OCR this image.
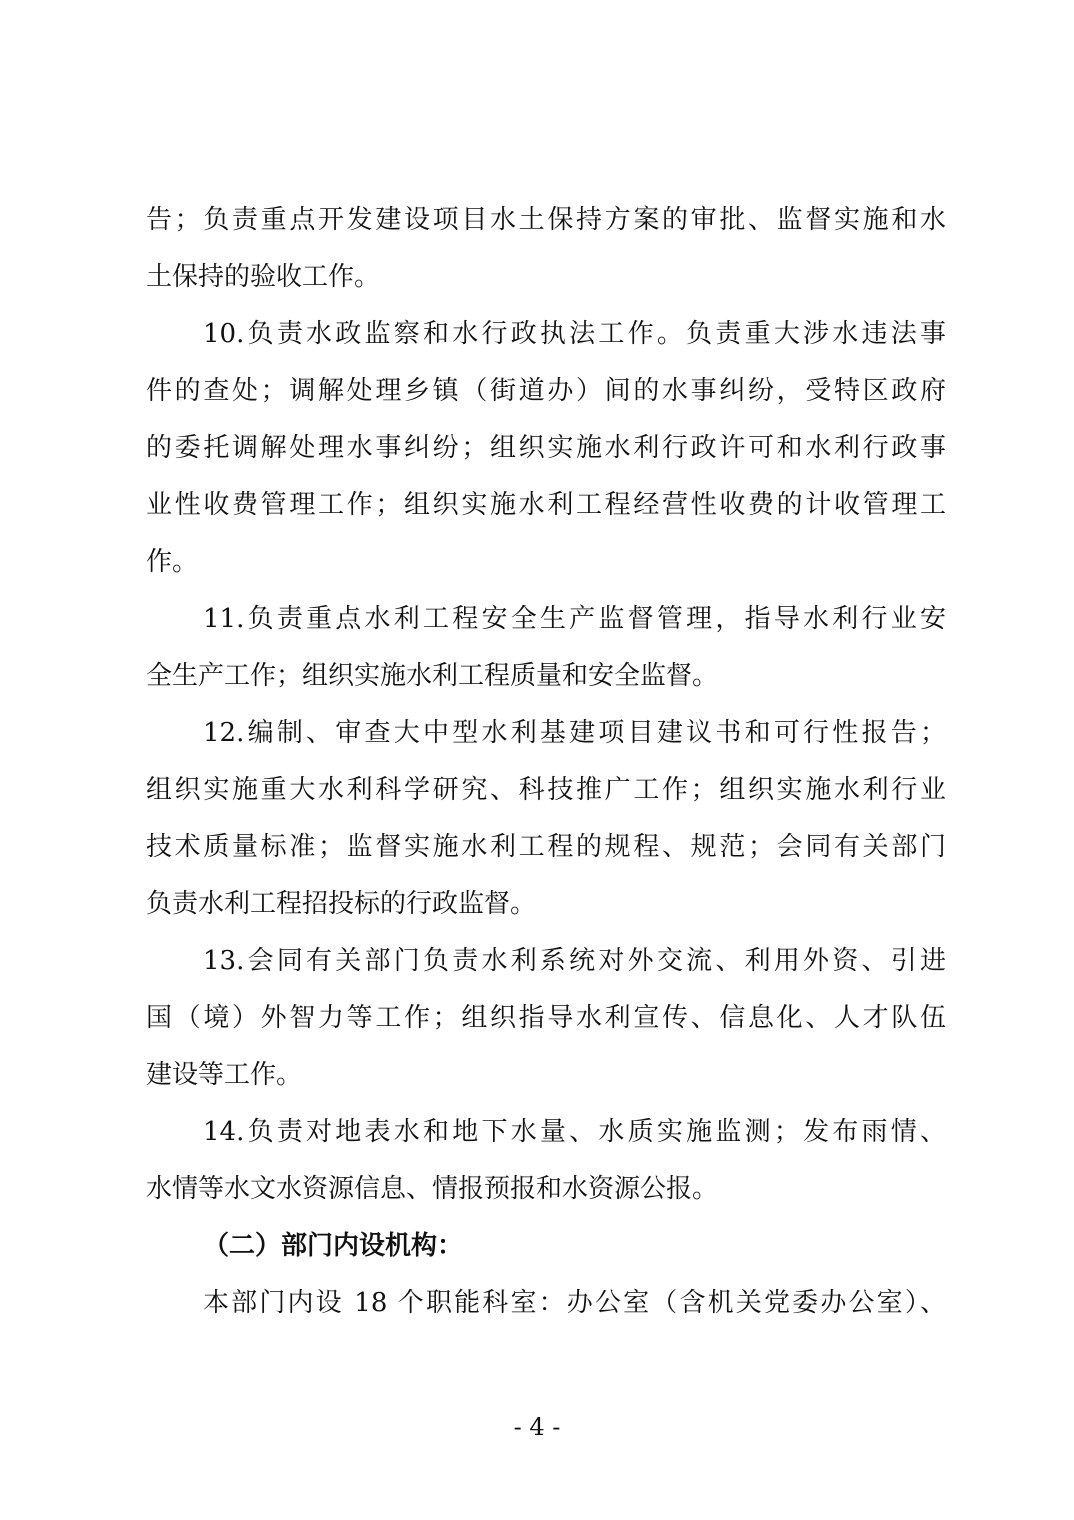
告；负责重点开发建设项目水土保持方案的审批、监督实施和水
土保持的验收工作。
10.负责水政监察和水行政执法工作。负责重大涉水违法事
件的查处；调解处理乡镇（街道办）间的水事纠纷，受特区政府
的委托调解处理水事纠纷；组织实施水利行政许可和水利行政事
业性收费管理工作；组织实施水利工程经营性收费的计收管理工
作。
11.负责重点水利工程安全生产监督管理，指导水利行业安
全生产工作；组织实施水利工程质量和安全监督。
12.编制、审查大中型水利基建项目建议书和可行性报告；
组织实施重大水利科学研究、科技推广工作；组织实施水利行业
技术质量标准；监督实施水利工程的规程、规范；会同有关部门
负责水利工程招投标的行政监督。
13.会同有关部门负责水利系统对外交流、利用外资、引进
国（境）外智力等工作；组织指导水利宣传、信息化、人才队伍
建设等工作。
14.负责对地表水和地下水量、水质实施监测；发布雨情、
水情等水文水资源信息、情报预报和水资源公报。
（二）部门内设机构：
本部门内设 18 个职能科室：办公室（含机关党委办公室）、
- 4 -
